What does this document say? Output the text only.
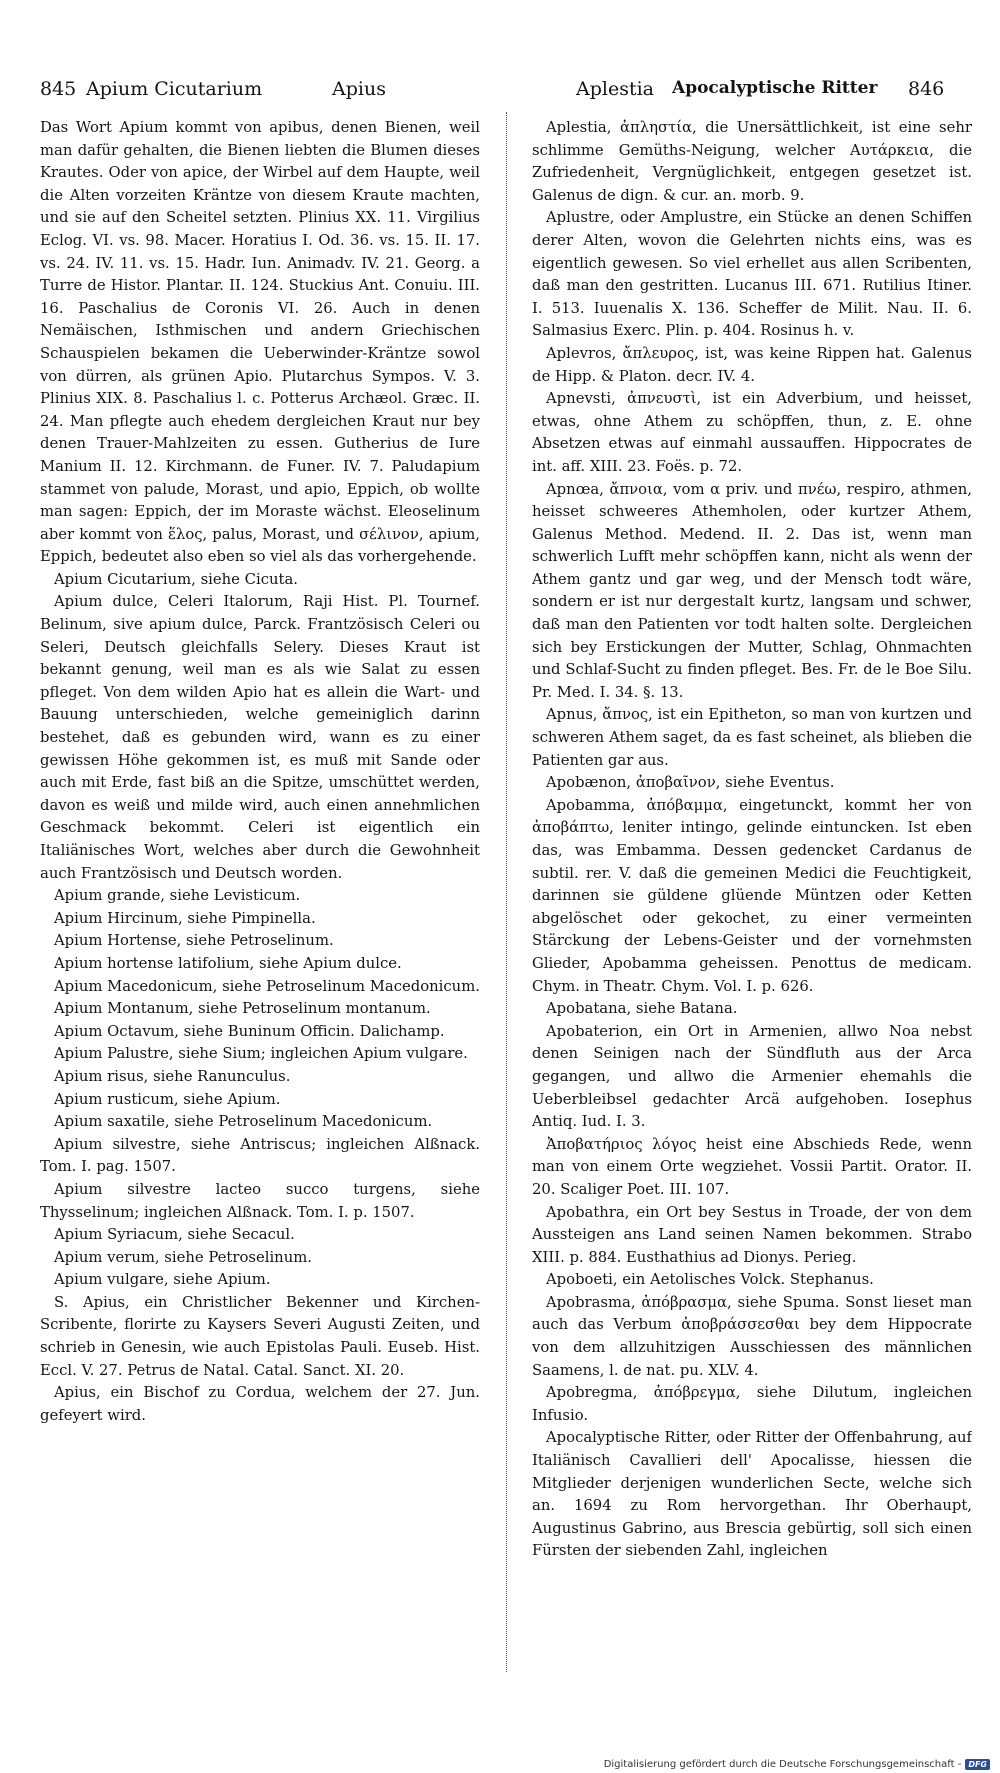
845 Apium Cicutarium	Apius	Aplestia Apocalyptische Ritter 846

Das Wort Apium kommt von apibus, denen Bienen, weil man dafür gehalten, die Bienen liebten die Blumen dieses Krautes. Oder von apice, der Wirbel auf dem Haupte, weil die Alten vorzeiten Kräntze von diesem Kraute machten, und sie auf den Scheitel setzten. Plinius XX. 11. Virgilius Eclog. VI. vs. 98. Macer. Horatius I. Od. 36. vs. 15. II. 17. vs. 24. IV. 11. vs. 15. Hadr. Iun. Animadv. IV. 21. Georg. a Turre de Histor. Plantar. II. 124. Stuckius Ant. Conuiu. III. 16. Paschalius de Coronis VI. 26. Auch in denen Nemäischen, Isthmischen und andern Griechischen Schauspielen bekamen die Ueberwinder-Kräntze sowol von dürren, als grünen Apio. Plutarchus Sympos. V. 3. Plinius XIX. 8. Paschalius l. c. Potterus Archæol. Græc. II. 24. Man pflegte auch ehedem dergleichen Kraut nur bey denen Trauer-Mahlzeiten zu essen. Gutherius de Iure Manium II. 12. Kirchmann. de Funer. IV. 7. Paludapium stammet von palude, Morast, und apio, Eppich, ob wollte man sagen: Eppich, der im Moraste wächst. Eleoselinum aber kommt von ἕλος, palus, Morast, und σέλινον, apium, Eppich, bedeutet also eben so viel als das vorhergehende.

Apium Cicutarium, siehe Cicuta.

Apium dulce, Celeri Italorum, Raji Hist. Pl. Tournef. Belinum, sive apium dulce, Parck. Frantzösisch Celeri ou Seleri, Deutsch gleichfalls Selery. Dieses Kraut ist bekannt genung, weil man es als wie Salat zu essen pfleget. Von dem wilden Apio hat es allein die Wart- und Bauung unterschieden, welche gemeiniglich darinn bestehet, daß es gebunden wird, wann es zu einer gewissen Höhe gekommen ist, es muß mit Sande oder auch mit Erde, fast biß an die Spitze, umschüttet werden, davon es weiß und milde wird, auch einen annehmlichen Geschmack bekommt. Celeri ist eigentlich ein Italiänisches Wort, welches aber durch die Gewohnheit auch Frantzösisch und Deutsch worden.

Apium grande, siehe Levisticum.

Apium Hircinum, siehe Pimpinella.

Apium Hortense, siehe Petroselinum.

Apium hortense latifolium, siehe Apium dulce.

Apium Macedonicum, siehe Petroselinum Macedonicum.

Apium Montanum, siehe Petroselinum montanum.

Apium Octavum, siehe Buninum Officin. Dalichamp.

Apium Palustre, siehe Sium; ingleichen Apium vulgare.

Apium risus, siehe Ranunculus.

Apium rusticum, siehe Apium.

Apium saxatile, siehe Petroselinum Macedonicum.

Apium silvestre, siehe Antriscus; ingleichen Alßnack. Tom. I. pag. 1507.

Apium silvestre lacteo succo turgens, siehe Thysselinum; ingleichen Alßnack. Tom. I. p. 1507.

Apium Syriacum, siehe Secacul.

Apium verum, siehe Petroselinum.

Apium vulgare, siehe Apium.

S. Apius, ein Christlicher Bekenner und Kirchen-Scribente, florirte zu Kaysers Severi Augusti Zeiten, und schrieb in Genesin, wie auch Epistolas Pauli. Euseb. Hist. Eccl. V. 27. Petrus de Natal. Catal. Sanct. XI. 20.

Apius, ein Bischof zu Cordua, welchem der 27. Jun. gefeyert wird.

Aplestia, ἀπληστία, die Unersättlichkeit, ist eine sehr schlimme Gemüths-Neigung, welcher Αυτάρκεια, die Zufriedenheit, Vergnüglichkeit, entgegen gesetzet ist. Galenus de dign. & cur. an. morb. 9.

Aplustre, oder Amplustre, ein Stücke an denen Schiffen derer Alten, wovon die Gelehrten nichts eins, was es eigentlich gewesen. So viel erhellet aus allen Scribenten, daß man den gestritten. Lucanus III. 671. Rutilius Itiner. I. 513. Iuuenalis X. 136. Scheffer de Milit. Nau. II. 6. Salmasius Exerc. Plin. p. 404. Rosinus h. v.

Aplevros, ἄπλευρος, ist, was keine Rippen hat. Galenus de Hipp. & Platon. decr. IV. 4.

Apnevsti, ἀπνευστὶ, ist ein Adverbium, und heisset, etwas, ohne Athem zu schöpffen, thun, z. E. ohne Absetzen etwas auf einmahl aussauffen. Hippocrates de int. aff. XIII. 23. Foës. p. 72.

Apnœa, ἄπνοια, vom α priv. und πνέω, respiro, athmen, heisset schweeres Athemholen, oder kurtzer Athem, Galenus Method. Medend. II. 2. Das ist, wenn man schwerlich Lufft mehr schöpffen kann, nicht als wenn der Athem gantz und gar weg, und der Mensch todt wäre, sondern er ist nur dergestalt kurtz, langsam und schwer, daß man den Patienten vor todt halten solte. Dergleichen sich bey Erstickungen der Mutter, Schlag, Ohnmachten und Schlaf-Sucht zu finden pfleget. Bes. Fr. de le Boe Silu. Pr. Med. I. 34. §. 13.

Apnus, ἄπνος, ist ein Epitheton, so man von kurtzen und schweren Athem saget, da es fast scheinet, als blieben die Patienten gar aus.

Apobænon, ἀποβαῖνον, siehe Eventus.

Apobamma, ἀπόβαμμα, eingetunckt, kommt her von ἀποβάπτω, leniter intingo, gelinde eintuncken. Ist eben das, was Embamma. Dessen gedencket Cardanus de subtil. rer. V. daß die gemeinen Medici die Feuchtigkeit, darinnen sie güldene glüende Müntzen oder Ketten abgelöschet oder gekochet, zu einer vermeinten Stärckung der Lebens-Geister und der vornehmsten Glieder, Apobamma geheissen. Penottus de medicam. Chym. in Theatr. Chym. Vol. I. p. 626.

Apobatana, siehe Batana.

Apobaterion, ein Ort in Armenien, allwo Noa nebst denen Seinigen nach der Sündfluth aus der Arca gegangen, und allwo die Armenier ehemahls die Ueberbleibsel gedachter Arcä aufgehoben. Iosephus Antiq. Iud. I. 3.

Ἀποβατήριος λόγος heist eine Abschieds Rede, wenn man von einem Orte wegziehet. Vossii Partit. Orator. II. 20. Scaliger Poet. III. 107.

Apobathra, ein Ort bey Sestus in Troade, der von dem Aussteigen ans Land seinen Namen bekommen. Strabo XIII. p. 884. Eusthathius ad Dionys. Perieg.

Apoboeti, ein Aetolisches Volck. Stephanus.

Apobrasma, ἀπόβρασμα, siehe Spuma. Sonst lieset man auch das Verbum ἀποβράσσεσθαι bey dem Hippocrate von dem allzuhitzigen Ausschiessen des männlichen Saamens, l. de nat. pu. XLV. 4.

Apobregma, ἀπόβρεγμα, siehe Dilutum, ingleichen Infusio.

Apocalyptische Ritter, oder Ritter der Offenbahrung, auf Italiänisch Cavallieri dell' Apocalisse, hiessen die Mitglieder derjenigen wunderlichen Secte, welche sich an. 1694 zu Rom hervorgethan. Ihr Oberhaupt, Augustinus Gabrino, aus Brescia gebürtig, soll sich einen Fürsten der siebenden Zahl, ingleichen

Digitalisierung gefördert durch die Deutsche Forschungsgemeinschaft - DFG
